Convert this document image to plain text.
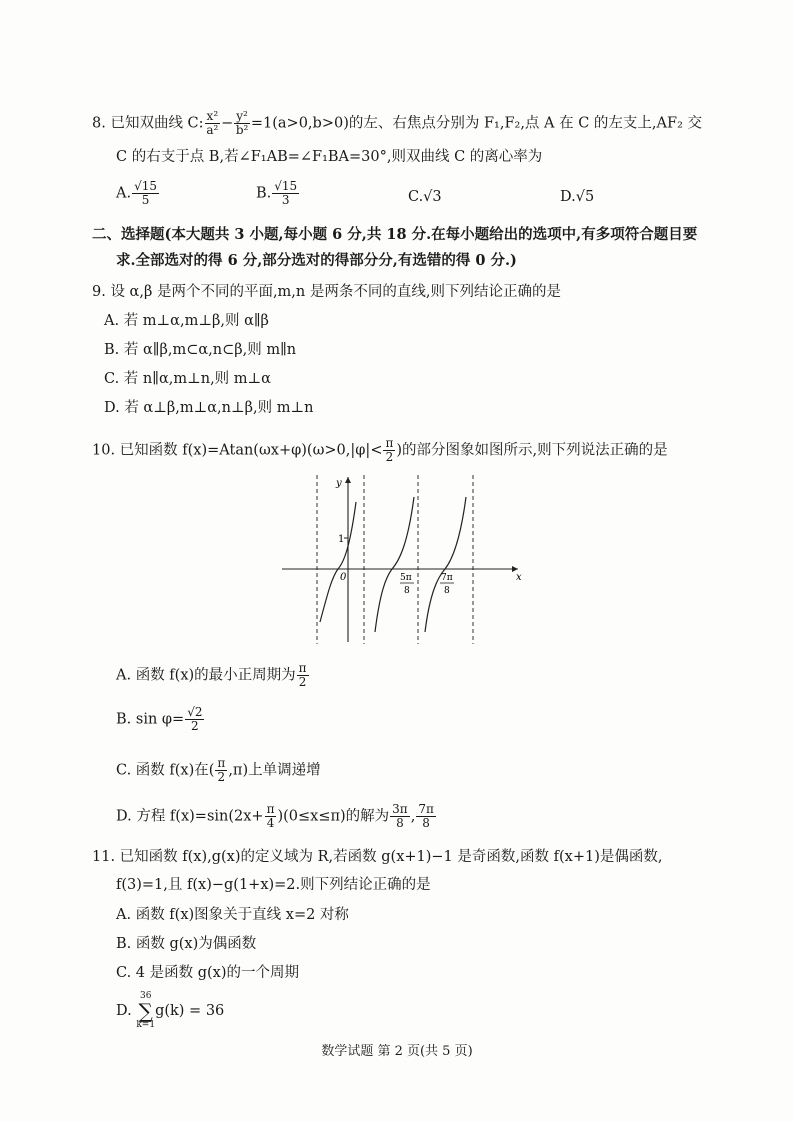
8. 已知双曲线 C: $\frac{\text{x²}}{\text{a²}} - \frac{\text{y²}}{\text{b²}} =1(a>0,b>0)$的左、右焦点分别为 F₁,F₂,点 A 在 C 的左支上,AF₂ 交
C 的右支于点 B,若∠F₁AB=∠F₁BA=30°,则双曲线 C 的离心率为
A. $\frac{√15}{5}$	B. $\frac{√15}{3}$	C.√3	D.√5
二、选择题(本大题共 3 小题,每小题 6 分,共 18 分.在每小题给出的选项中,有多项符合题目要
求.全部选对的得 6 分,部分选对的得部分分,有选错的得 0 分.)
9. 设 α,β 是两个不同的平面,m,n 是两条不同的直线,则下列结论正确的是
A. 若 m⊥α,m⊥β,则 α∥β
B. 若 α∥β,m⊂α,n⊂β,则 m∥n
C. 若 n∥α,m⊥n,则 m⊥α
D. 若 α⊥β,m⊥α,n⊥β,则 m⊥n
10. 已知函数 $f(x)=Atan(\omega x+\varphi)(\omega>0,|\varphi|< \frac{\pi}{2}$ )的部分图象如图所示,则下列说法正确的是
1
0
y
x
5π
8
7π
8
A. 函数 f(x)的最小正周期为 $\frac{\pi}{2}$
B. $\sin \varphi= \frac{√2}{2}$
C. 函数 f(x)在( $\frac{\pi}{2} ,\pi$)上单调递增
D. 方程 $f(x)=\sin(2x+ \frac{\pi}{4} )(0\le x\le\pi)$的解为 $\frac{3\pi}{8}$ , $\frac{7\pi}{8}$
11. 已知函数 f(x),g(x)的定义域为 R,若函数 g(x+1)−1 是奇函数,函数 f(x+1)是偶函数,
f(3)=1,且 f(x)−g(1+x)=2.则下列结论正确的是
A. 函数 f(x)图象关于直线 x=2 对称
B. 函数 g(x)为偶函数
C. 4 是函数 g(x)的一个周期
D.
36
∑
k=1
g(k) = 36
数学试题 第 2 页(共 5 页)
